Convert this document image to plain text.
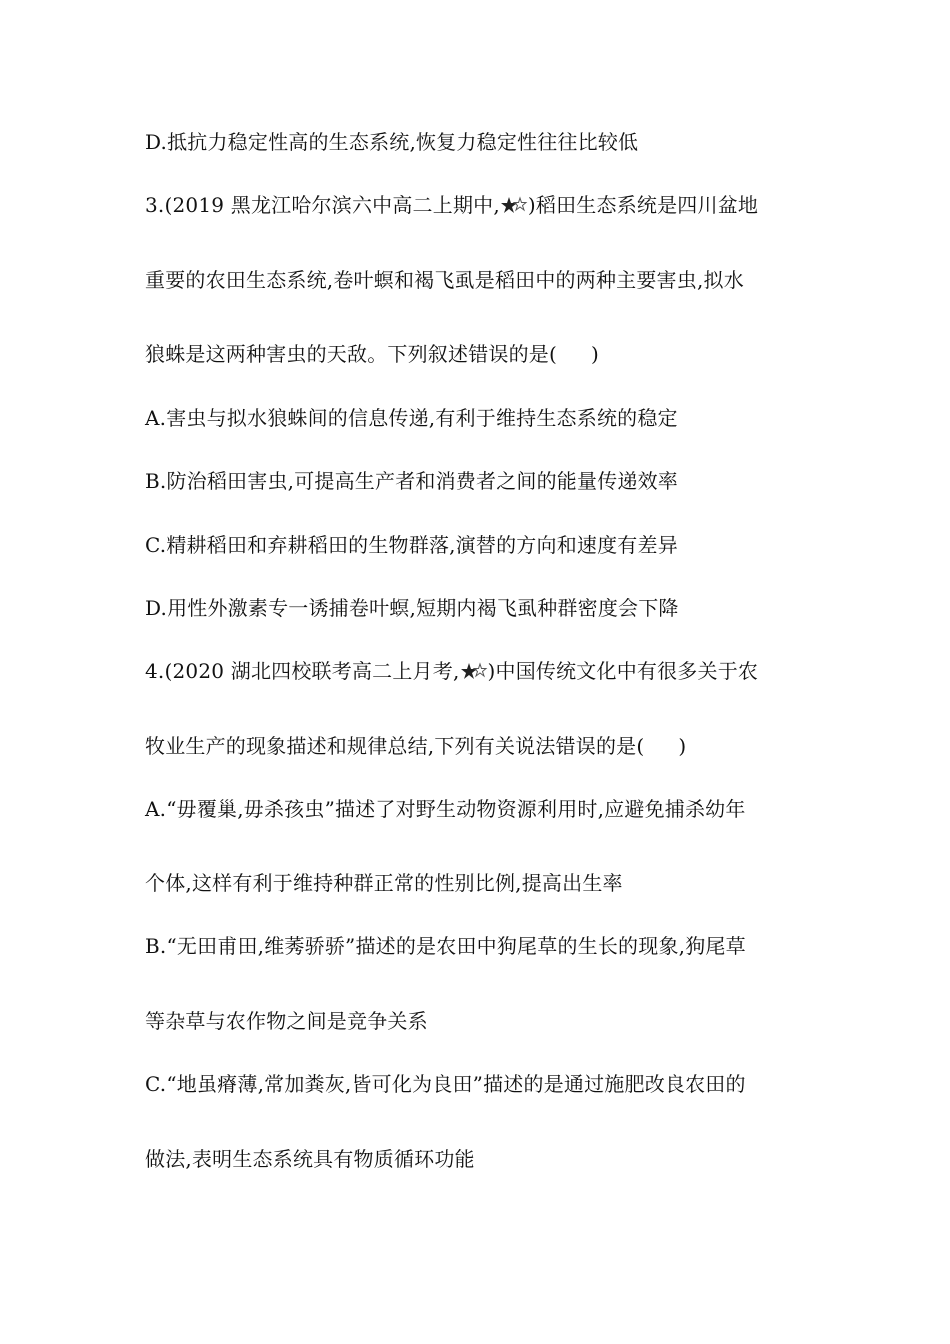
D.抵抗力稳定性高的生态系统,恢复力稳定性往往比较低
3.(2019 黑龙江哈尔滨六中高二上期中, )稻田生态系统是四川盆地
重要的农田生态系统,卷叶螟和褐飞虱是稻田中的两种主要害虫,拟水
狼蛛是这两种害虫的天敌。下列叙述错误的是( )
A.害虫与拟水狼蛛间的信息传递,有利于维持生态系统的稳定
B.防治稻田害虫,可提高生产者和消费者之间的能量传递效率
C.精耕稻田和弃耕稻田的生物群落,演替的方向和速度有差异
D.用性外激素专一诱捕卷叶螟,短期内褐飞虱种群密度会下降
4.(2020 湖北四校联考高二上月考, )中国传统文化中有很多关于农
牧业生产的现象描述和规律总结,下列有关说法错误的是( )
A.“毋覆巢,毋杀孩虫”描述了对野生动物资源利用时,应避免捕杀幼年
个体,这样有利于维持种群正常的性别比例,提高出生率
B.“无田甫田,维莠骄骄”描述的是农田中狗尾草的生长的现象,狗尾草
等杂草与农作物之间是竞争关系
C.“地虽瘠薄,常加粪灰,皆可化为良田”描述的是通过施肥改良农田的
做法,表明生态系统具有物质循环功能
